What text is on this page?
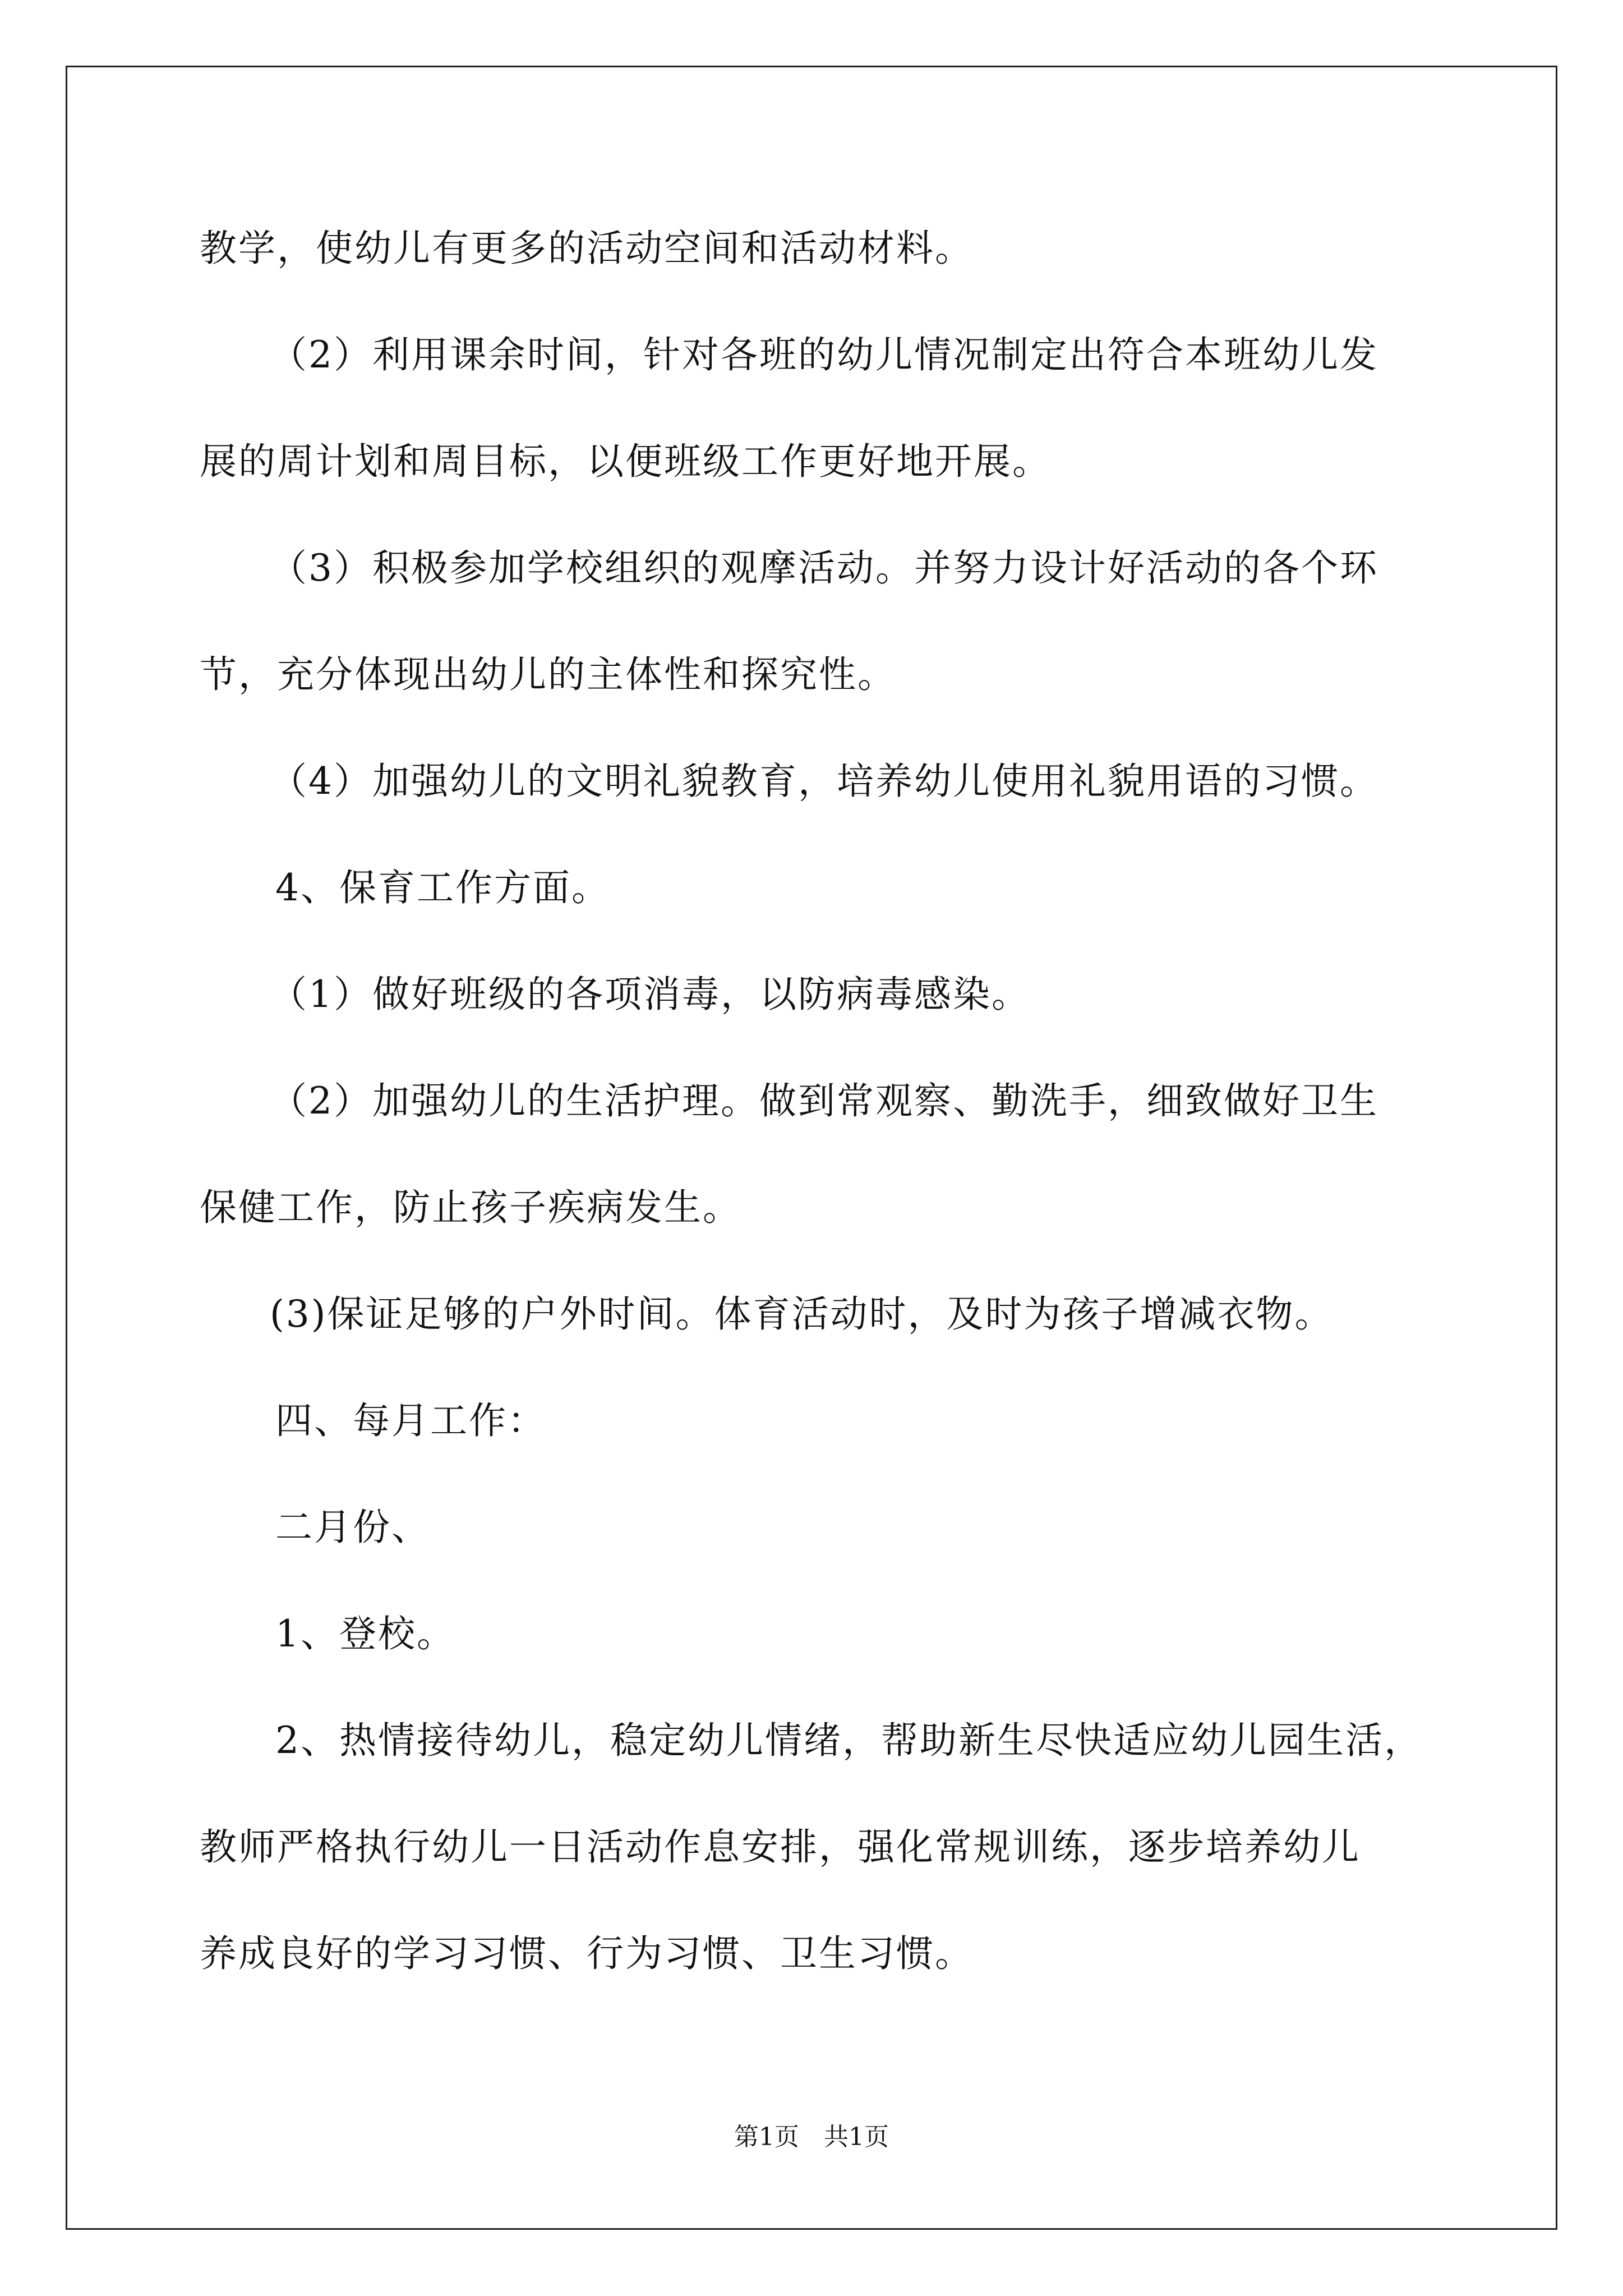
教学，使幼儿有更多的活动空间和活动材料。
（2）利用课余时间，针对各班的幼儿情况制定出符合本班幼儿发
展的周计划和周目标，以便班级工作更好地开展。
（3）积极参加学校组织的观摩活动。并努力设计好活动的各个环
节，充分体现出幼儿的主体性和探究性。
（4）加强幼儿的文明礼貌教育，培养幼儿使用礼貌用语的习惯。
4、保育工作方面。
（1）做好班级的各项消毒，以防病毒感染。
（2）加强幼儿的生活护理。做到常观察、勤洗手，细致做好卫生
保健工作，防止孩子疾病发生。
(3)保证足够的户外时间。体育活动时，及时为孩子增减衣物。
四、每月工作：
二月份、
1、登校。
2、热情接待幼儿，稳定幼儿情绪，帮助新生尽快适应幼儿园生活，
教师严格执行幼儿一日活动作息安排，强化常规训练，逐步培养幼儿
养成良好的学习习惯、行为习惯、卫生习惯。
第1页　共1页
